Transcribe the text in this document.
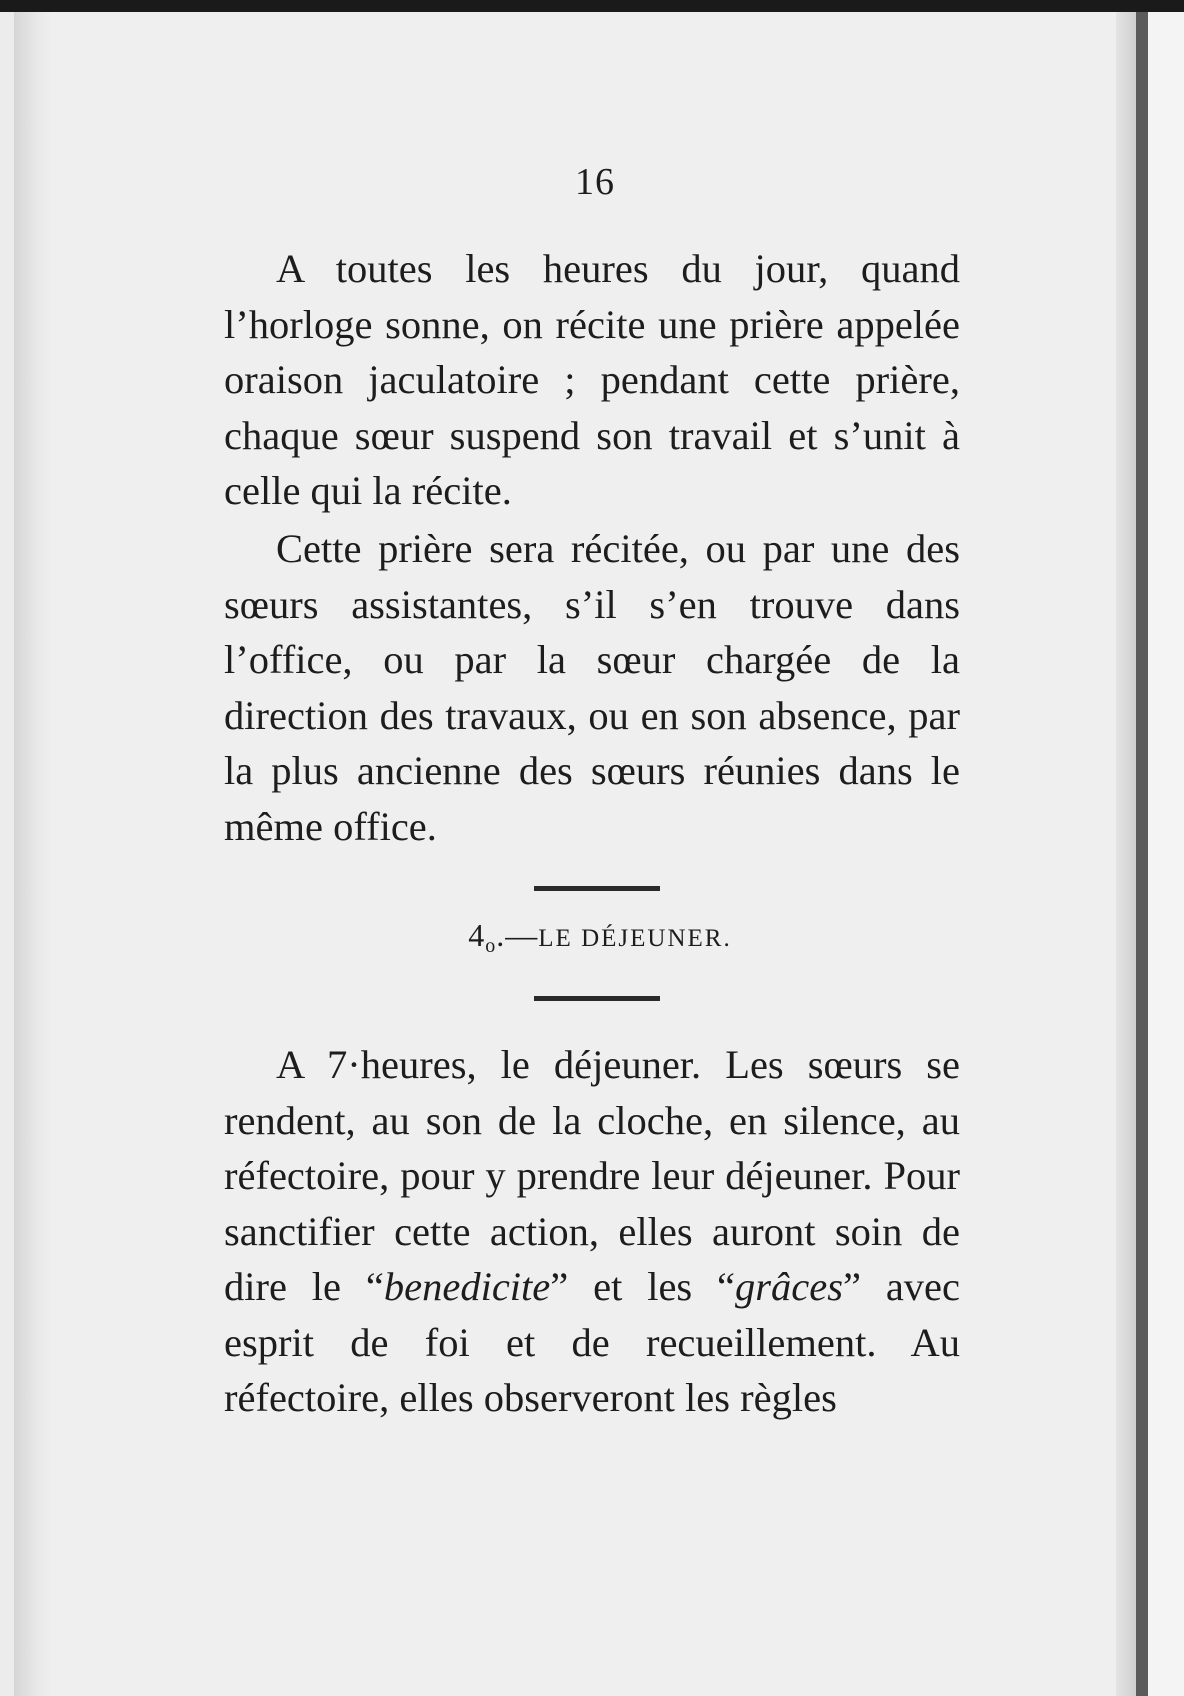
16

A toutes les heures du jour, quand l’horloge sonne, on récite une prière appelée oraison jaculatoire ; pendant cette prière, chaque sœur suspend son travail et s’unit à celle qui la récite.

Cette prière sera récitée, ou par une des sœurs assistantes, s’il s’en trouve dans l’office, ou par la sœur chargée de la direction des travaux, ou en son absence, par la plus ancienne des sœurs réunies dans le même office.

$4_o.—LE$ DÉJEUNER.

A 7·heures, le déjeuner. Les sœurs se rendent, au son de la cloche, en silence, au réfectoire, pour y prendre leur déjeuner. Pour sanctifier cette action, elles auront soin de dire le “benedicite” et les “grâces” avec esprit de foi et de recueillement. Au réfectoire, elles observeront les règles
